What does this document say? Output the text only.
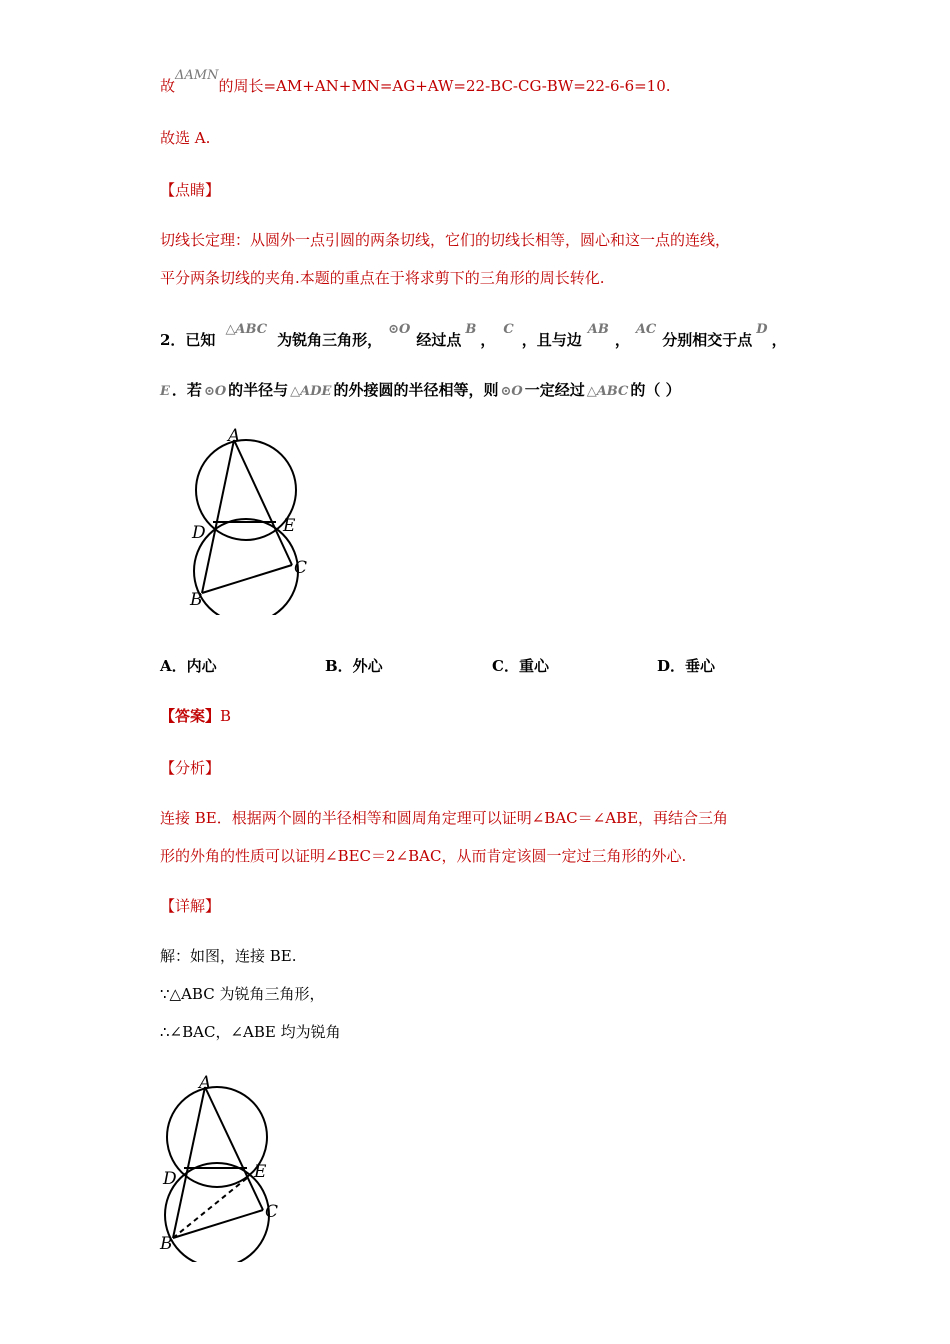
故ΔAMN的周长=AM+AN+MN=AG+AW=22-BC-CG-BW=22-6-6=10.
故选 A.
【点睛】
切线长定理：从圆外一点引圆的两条切线，它们的切线长相等，圆心和这一点的连线，
平分两条切线的夹角.本题的重点在于将求剪下的三角形的周长转化.
2．已知△ABC为锐角三角形，⊙O经过点B，C，且与边AB，AC分别相交于点D，
E ．若 ⊙O 的半径与 △ADE 的外接圆的半径相等，则 ⊙O 一定经过 △ABC 的（ ）
A
D	E
C
B
A．内心	B．外心	C．重心	D．垂心
【答案】B
【分析】
连接 BE．根据两个圆的半径相等和圆周角定理可以证明∠BAC＝∠ABE，再结合三角
形的外角的性质可以证明∠BEC＝2∠BAC，从而肯定该圆一定过三角形的外心.
【详解】
解：如图，连接 BE.
∵△ABC 为锐角三角形，
∴∠BAC，∠ABE 均为锐角
A
D	E
C
B
